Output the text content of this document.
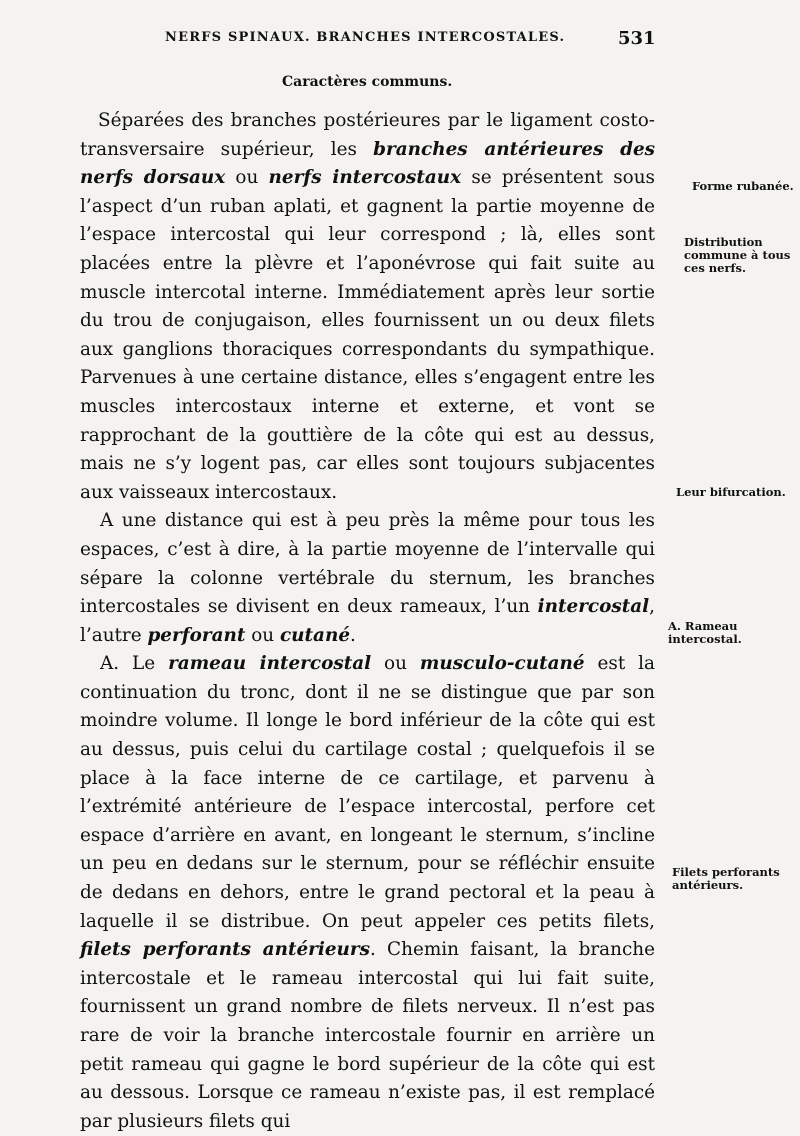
NERFS SPINAUX. BRANCHES INTERCOSTALES.	531
Caractères communs.

Séparées des branches postérieures par le ligament costo-transversaire supérieur, les branches antérieures des nerfs dorsaux ou nerfs intercostaux se présentent sous l’aspect d’un ruban aplati, et gagnent la partie moyenne de l’espace intercostal qui leur correspond ; là, elles sont placées entre la plèvre et l’aponévrose qui fait suite au muscle intercotal interne. Immédiatement après leur sortie du trou de conjugaison, elles fournissent un ou deux filets aux ganglions thoraciques correspondants du sympathique. Parvenues à une certaine distance, elles s’engagent entre les muscles intercostaux interne et externe, et vont se rapprochant de la gouttière de la côte qui est au dessus, mais ne s’y logent pas, car elles sont toujours subjacentes aux vaisseaux intercostaux.

A une distance qui est à peu près la même pour tous les espaces, c’est à dire, à la partie moyenne de l’intervalle qui sépare la colonne vertébrale du sternum, les branches intercostales se divisent en deux rameaux, l’un intercostal, l’autre perforant ou cutané.

A. Le rameau intercostal ou musculo-cutané est la continuation du tronc, dont il ne se distingue que par son moindre volume. Il longe le bord inférieur de la côte qui est au dessus, puis celui du cartilage costal ; quelquefois il se place à la face interne de ce cartilage, et parvenu à l’extrémité antérieure de l’espace intercostal, perfore cet espace d’arrière en avant, en longeant le sternum, s’incline un peu en dedans sur le sternum, pour se réfléchir ensuite de dedans en dehors, entre le grand pectoral et la peau à laquelle il se distribue. On peut appeler ces petits filets, filets perforants antérieurs. Chemin faisant, la branche intercostale et le rameau intercostal qui lui fait suite, fournissent un grand nombre de filets nerveux. Il n’est pas rare de voir la branche intercostale fournir en arrière un petit rameau qui gagne le bord supérieur de la côte qui est au dessous. Lorsque ce rameau n’existe pas, il est remplacé par plusieurs filets qui

Forme rubanée.
Distribution commune à tous ces nerfs.
Leur bifurcation.
A. Rameau intercostal.
Filets perforants antérieurs.
